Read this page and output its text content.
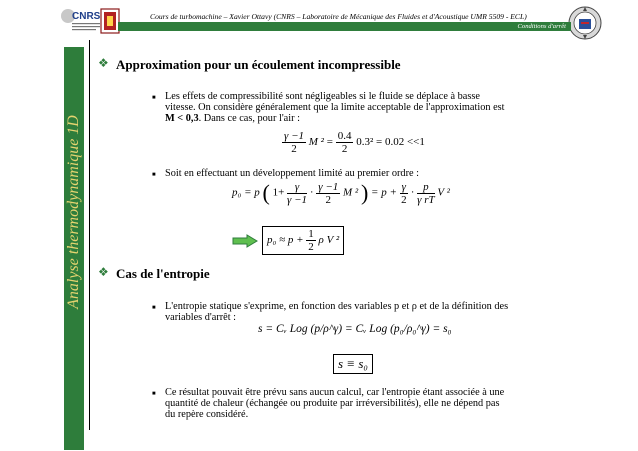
CNRS	Cours de turbomachine – Xavier Ottavy (CNRS – Laboratoire de Mécanique des Fluides et d'Acoustique UMR 5509 - ECL)
Conditions d'arrêt
Analyse thermodynamique 1D
❖ Approximation pour un écoulement incompressible
■ Les effets de compressibilité sont négligeables si le fluide se déplace à basse
vitesse. On considère généralement que la limite acceptable de l'approximation est
M < 0,3. Dans ce cas, pour l'air :
$\frac{\gamma -1}{2}$ M $^2 = \frac{0.4}{2} 0.3^2 = 0.02 <<1$
■ Soit en effectuant un développement limité au premier ordre :
p₀ = p ( $1+ \frac{\gamma}{\gamma -1} \cdot \frac{\gamma -1}{2}$ M ² ) = $p + \frac{\gamma}{2} \cdot \frac{p}{\text{γ rT}}$ V ²
$p_0 \approx p + \frac{1}{2}$ ρ V ²
❖ Cas de l'entropie
■ L'entropie statique s'exprime, en fonction des variables p et ρ et de la définition des
variables d'arrêt :
s = Cᵥ Log (p/ρ^γ) = Cᵥ Log (p₀/ρ₀^γ) = s₀
s ≡ s₀
■ Ce résultat pouvait être prévu sans aucun calcul, car l'entropie étant associée à une
quantité de chaleur (échangée ou produite par irréversibilités), elle ne dépend pas
du repère considéré.
